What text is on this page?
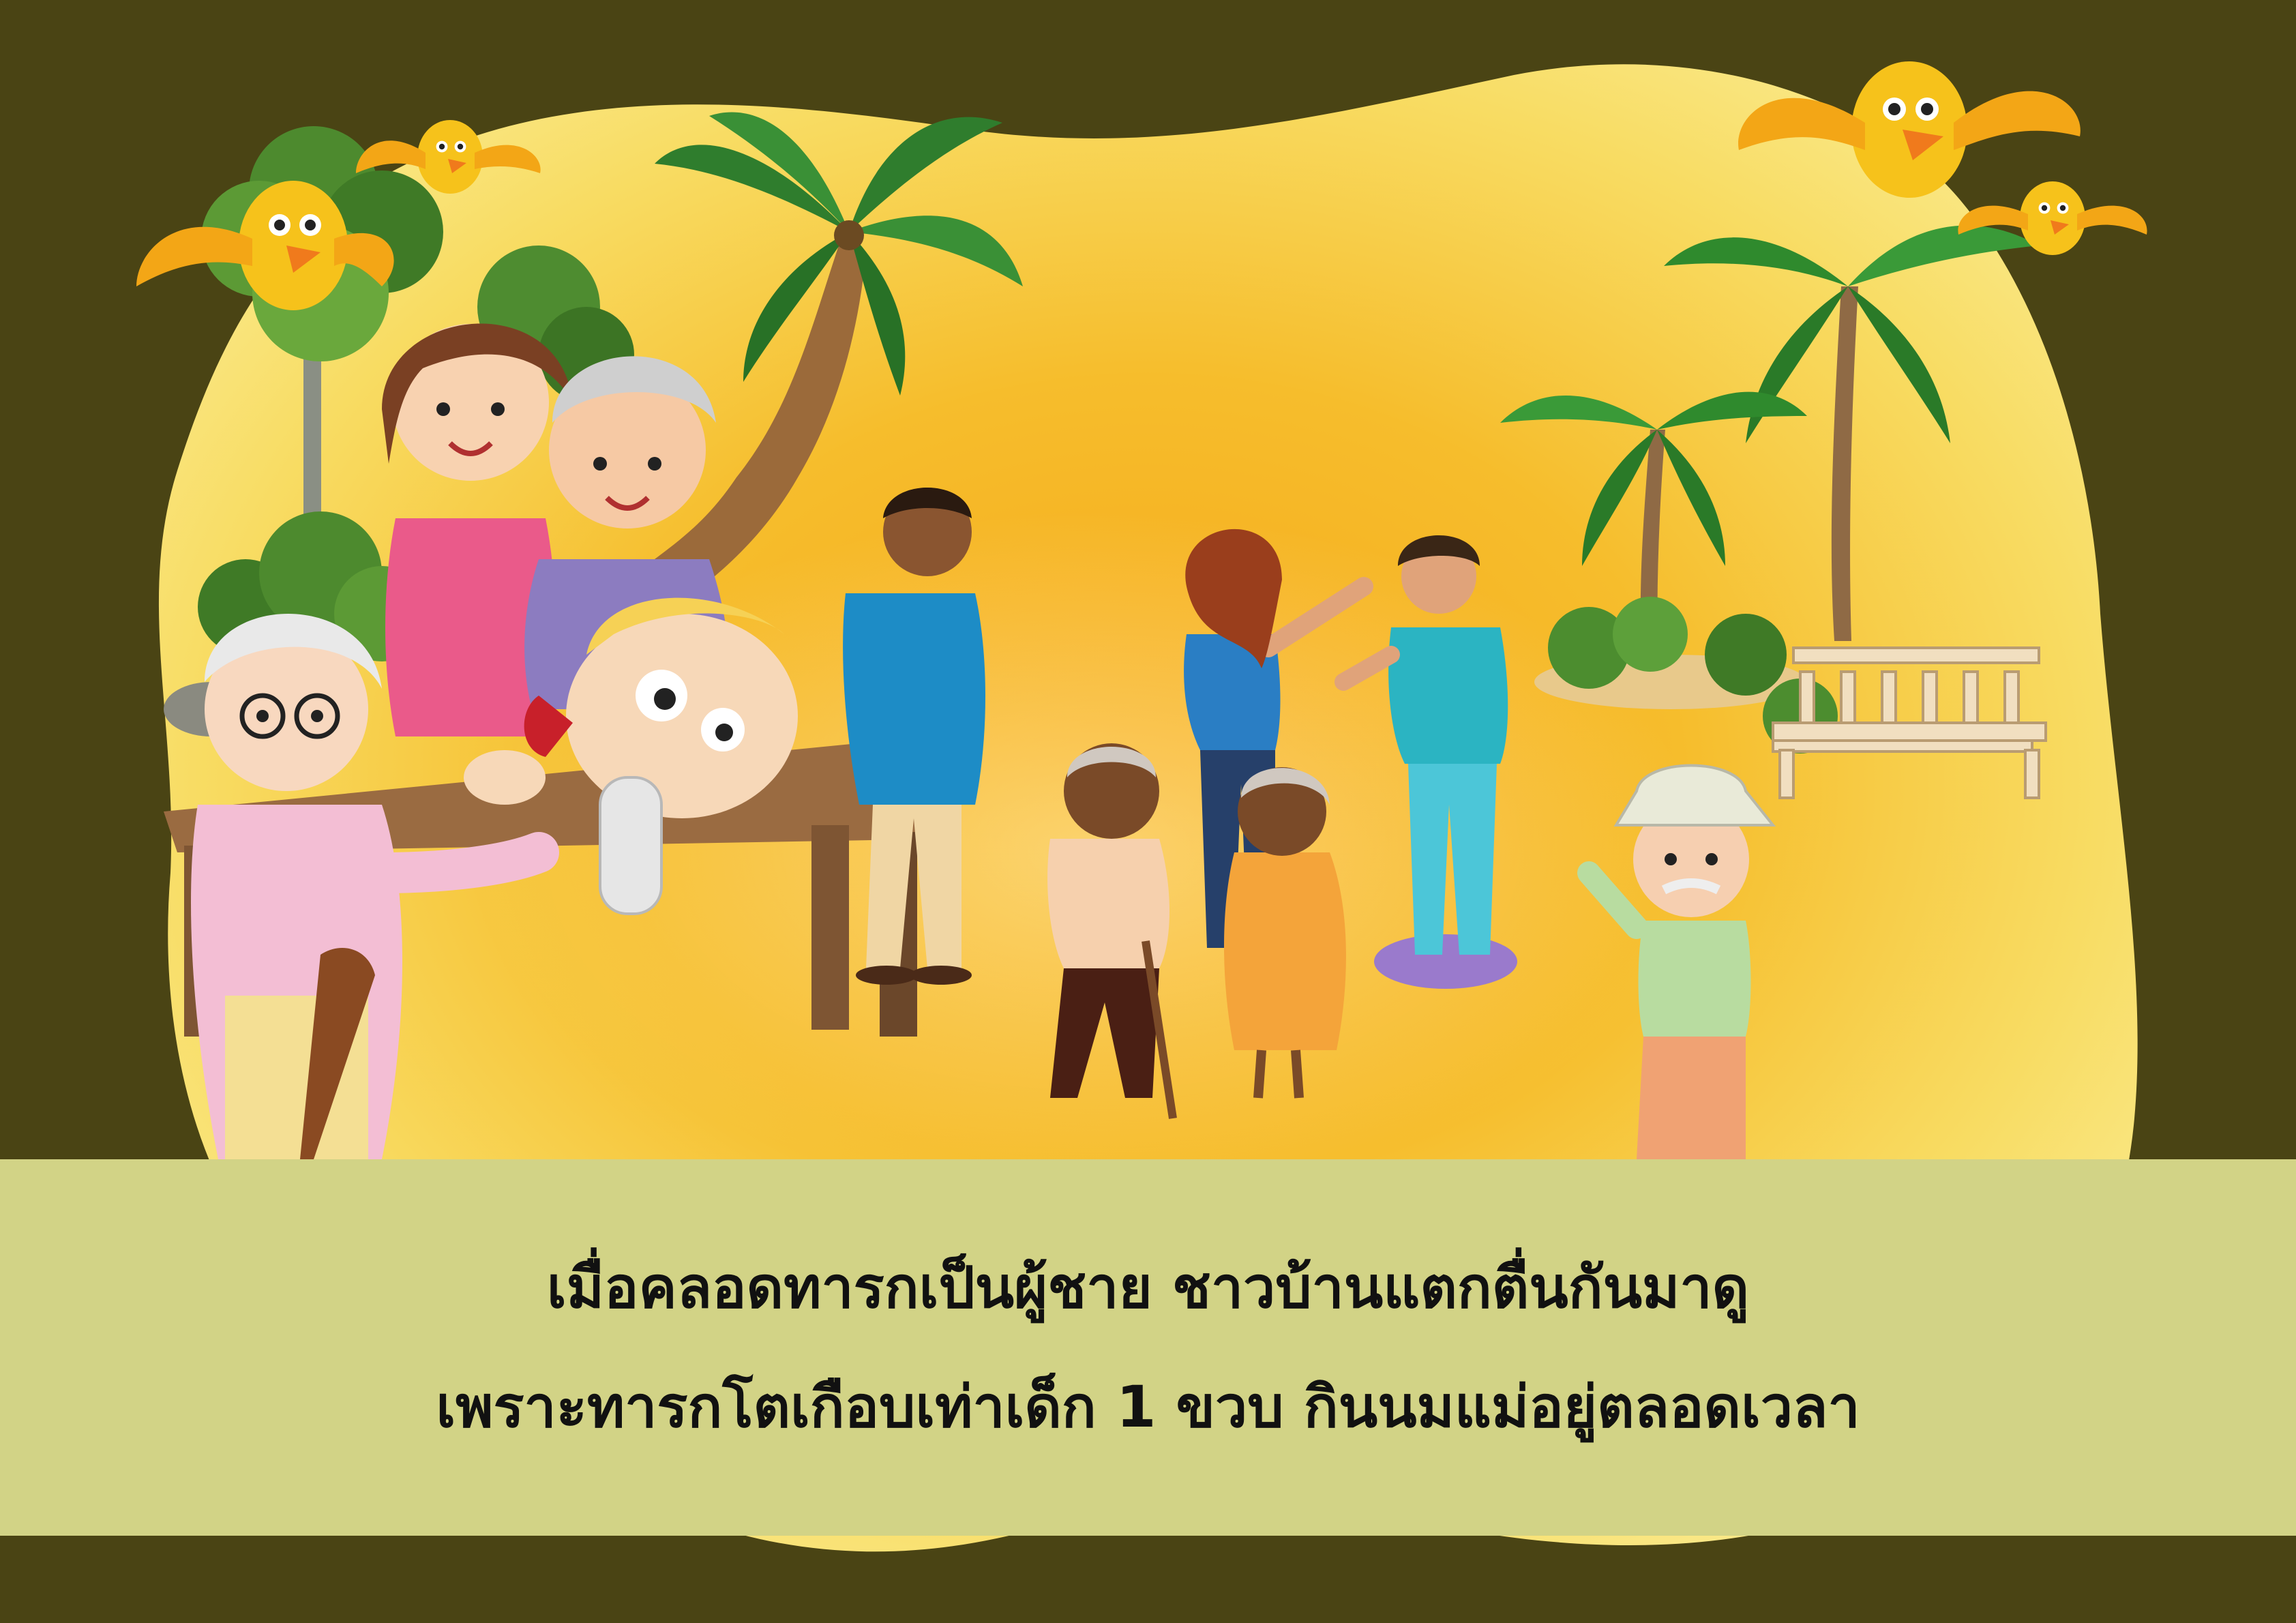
เมื่อคลอดทารกเป็นผู้ชาย ชาวบ้านแตกตื่นกันมาดู
เพราะทารกโตเกือบเท่าเด็ก 1 ขวบ กินนมแม่อยู่ตลอดเวลา
